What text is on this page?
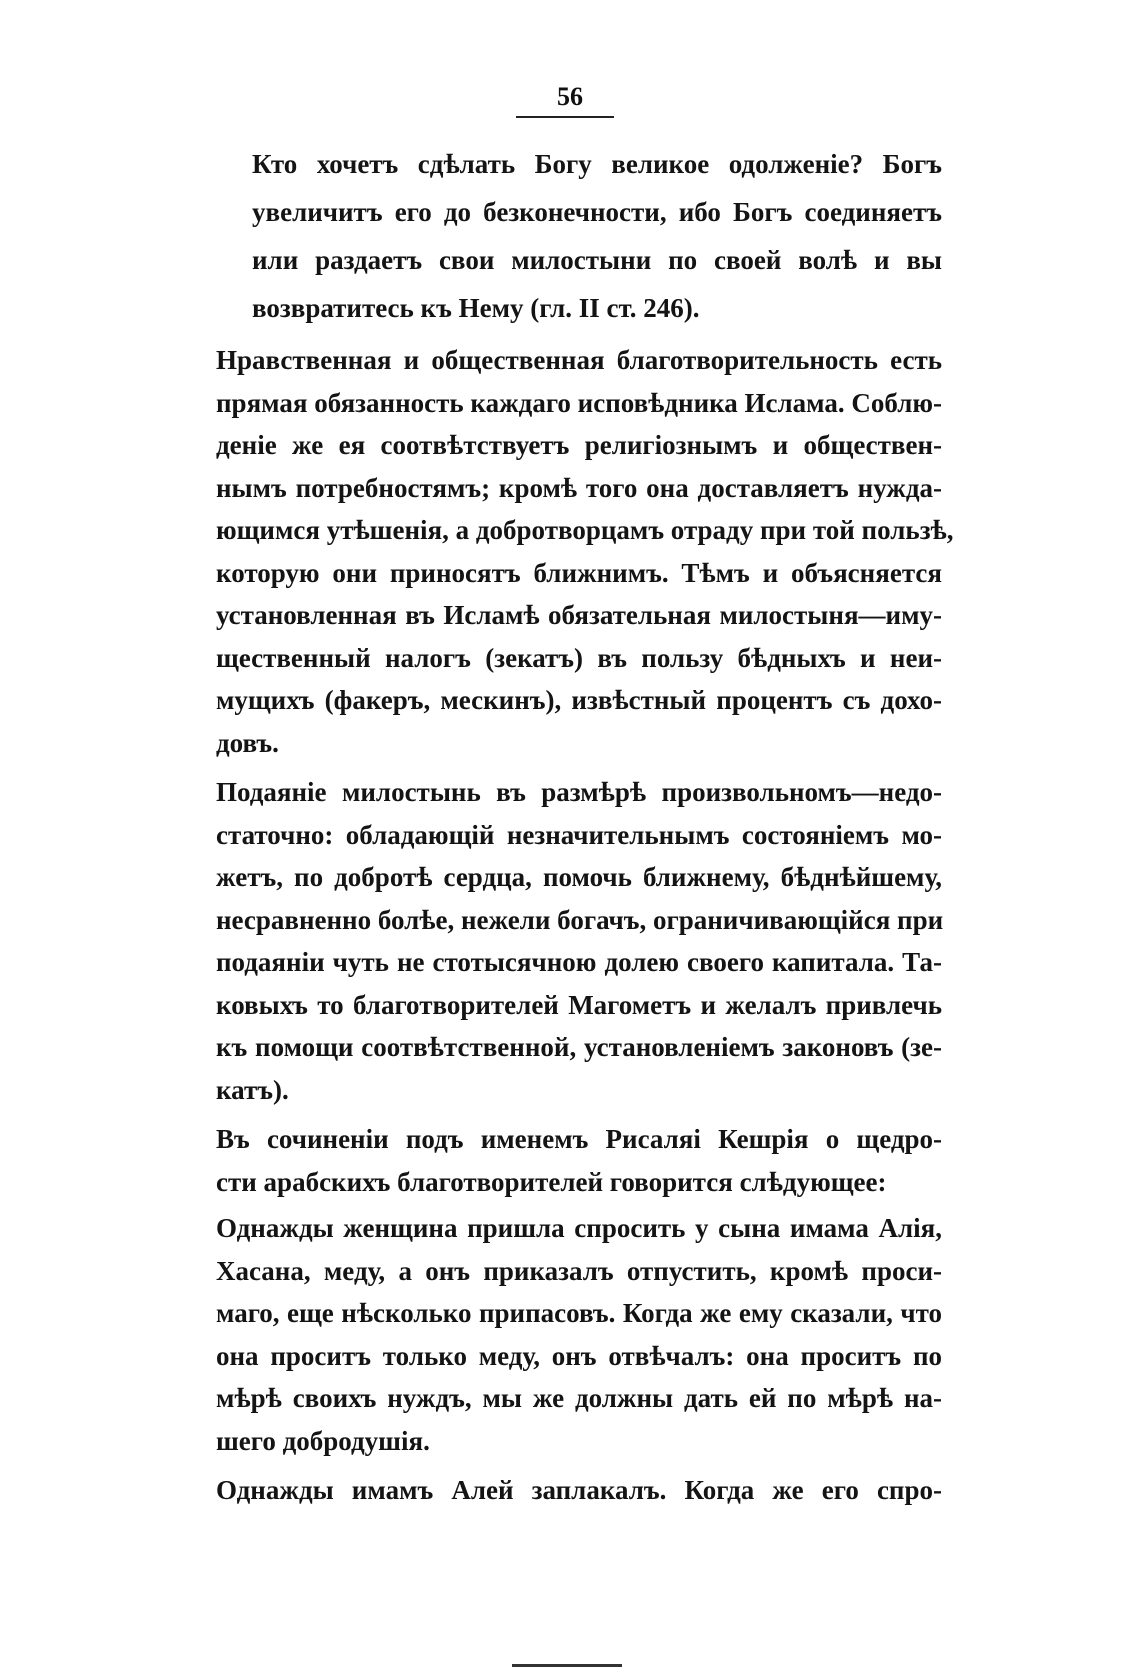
56
Кто хочетъ сдѣлать Богу великое одолженіе? Богъ
увеличитъ его до безконечности, ибо Богъ соединяетъ
или раздаетъ свои милостыни по своей волѣ и вы
возвратитесь къ Нему (гл. II ст. 246).
Нравственная и общественная благотворительность есть
прямая обязанность каждаго исповѣдника Ислама. Соблю-
деніе же ея соотвѣтствуетъ религіознымъ и обществен-
нымъ потребностямъ; кромѣ того она доставляетъ нужда-
ющимся утѣшенія, а добротворцамъ отраду при той пользѣ,
которую они приносятъ ближнимъ. Тѣмъ и объясняется
установленная въ Исламѣ обязательная милостыня—иму-
щественный налогъ (зекатъ) въ пользу бѣдныхъ и неи-
мущихъ (факеръ, мескинъ), извѣстный процентъ съ дохо-
довъ.
Подаяніе милостынь въ размѣрѣ произвольномъ—недо-
статочно: обладающій незначительнымъ состояніемъ мо-
жетъ, по добротѣ сердца, помочь ближнему, бѣднѣйшему,
несравненно болѣе, нежели богачъ, ограничивающійся при
подаяніи чуть не стотысячною долею своего капитала. Та-
ковыхъ то благотворителей Магометъ и желалъ привлечь
къ помощи соотвѣтственной, установленіемъ законовъ (зе-
катъ).
Въ сочиненіи подъ именемъ Рисаляі Кешрія о щедро-
сти арабскихъ благотворителей говорится слѣдующее:
Однажды женщина пришла спросить у сына имама Алія,
Хасана, меду, а онъ приказалъ отпустить, кромѣ проси-
маго, еще нѣсколько припасовъ. Когда же ему сказали, что
она проситъ только меду, онъ отвѣчалъ: она проситъ по
мѣрѣ своихъ нуждъ, мы же должны дать ей по мѣрѣ на-
шего добродушія.
Однажды имамъ Алей заплакалъ. Когда же его спро-
